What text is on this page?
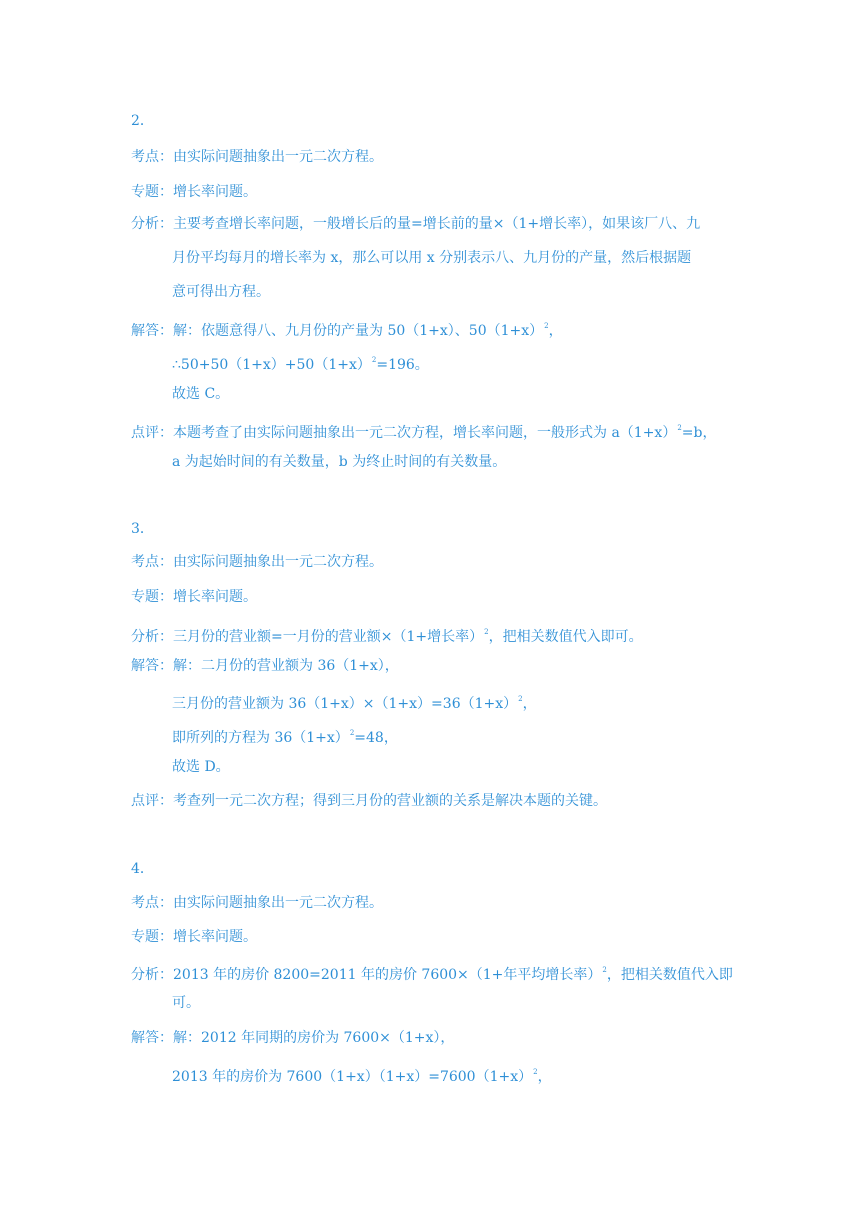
2．
考点：由实际问题抽象出一元二次方程。
专题：增长率问题。
分析：主要考查增长率问题，一般增长后的量=增长前的量×（1+增长率），如果该厂八、九
月份平均每月的增长率为 x，那么可以用 x 分别表示八、九月份的产量，然后根据题
意可得出方程。
解答：解：依题意得八、九月份的产量为 50（1+x）、$50(1+x)^2$，
$\therefore 50+50(1+x)+50(1+x)^2=196$。
故选 C。
点评：本题考查了由实际问题抽象出一元二次方程，增长率问题，一般形式为 $a(1+x)^2=b$，
a 为起始时间的有关数量，b 为终止时间的有关数量。
3．
考点：由实际问题抽象出一元二次方程。
专题：增长率问题。
分析：三月份的营业额=一月份的营业额×（1+增长率）$^2$，把相关数值代入即可。
解答：解：二月份的营业额为 36（1+x），
三月份的营业额为 $36(1+x)\times(1+x)=36(1+x)^2$，
即所列的方程为 $36(1+x)^2=48$，
故选 D。
点评：考查列一元二次方程；得到三月份的营业额的关系是解决本题的关键。
4．
考点：由实际问题抽象出一元二次方程。
专题：增长率问题。
分析：2013 年的房价 8200=2011 年的房价 7600×（1+年平均增长率）$^2$，把相关数值代入即
可。
解答：解：2012 年同期的房价为 7600×（1+x），
2013 年的房价为 $7600(1+x)(1+x)=7600(1+x)^2$，
